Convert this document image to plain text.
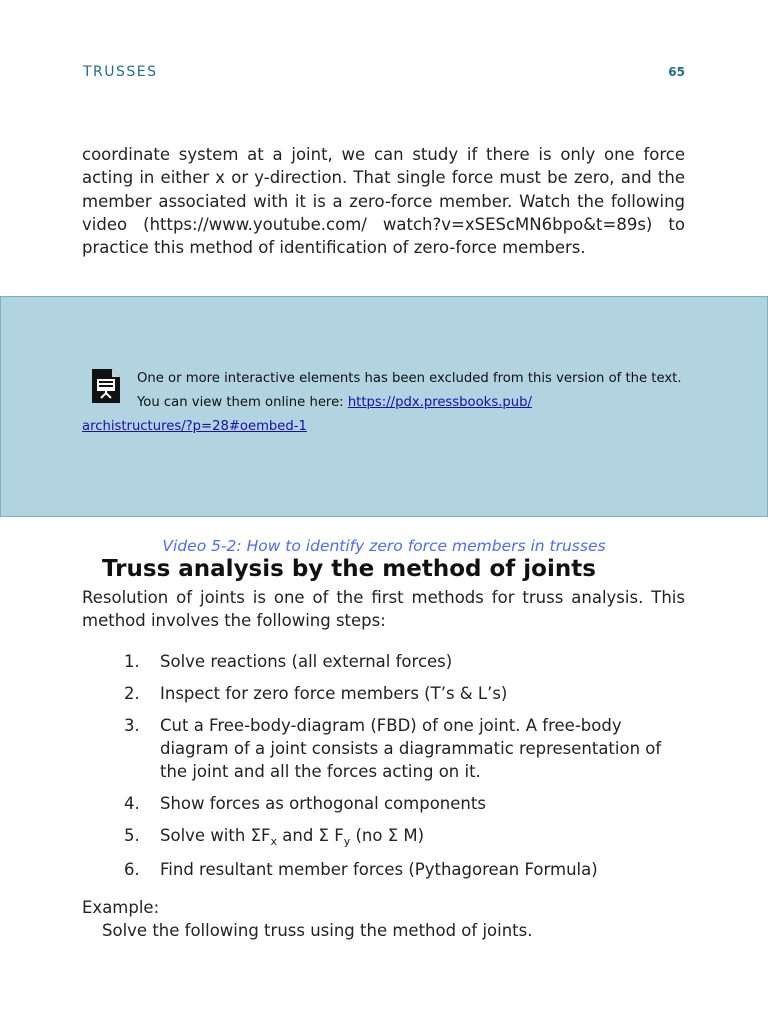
TRUSSES	65

coordinate system at a joint, we can study if there is only one force acting in either x or y-direction. That single force must be zero, and the member associated with it is a zero-force member. Watch the following video (https://www.youtube.com/ watch?v=xSEScMN6bpo&t=89s) to practice this method of identification of zero-force members.

One or more interactive elements has been excluded from this version of the text.
You can view them online here: https://pdx.pressbooks.pub/
archistructures/?p=28#oembed-1
Video 5-2: How to identify zero force members in trusses
Truss analysis by the method of joints

Resolution of joints is one of the first methods for truss analysis. This method involves the following steps:

1.	Solve reactions (all external forces)
2.	Inspect for zero force members (T’s & L’s)
3.	Cut a Free-body-diagram (FBD) of one joint. A free-body diagram of a joint consists a diagrammatic representation of the joint and all the forces acting on it.
4.	Show forces as orthogonal components
5.	Solve with $\Sigma F_x$ and Σ $F_y$ (no Σ M)
6.	Find resultant member forces (Pythagorean Formula)
Example:
Solve the following truss using the method of joints.
